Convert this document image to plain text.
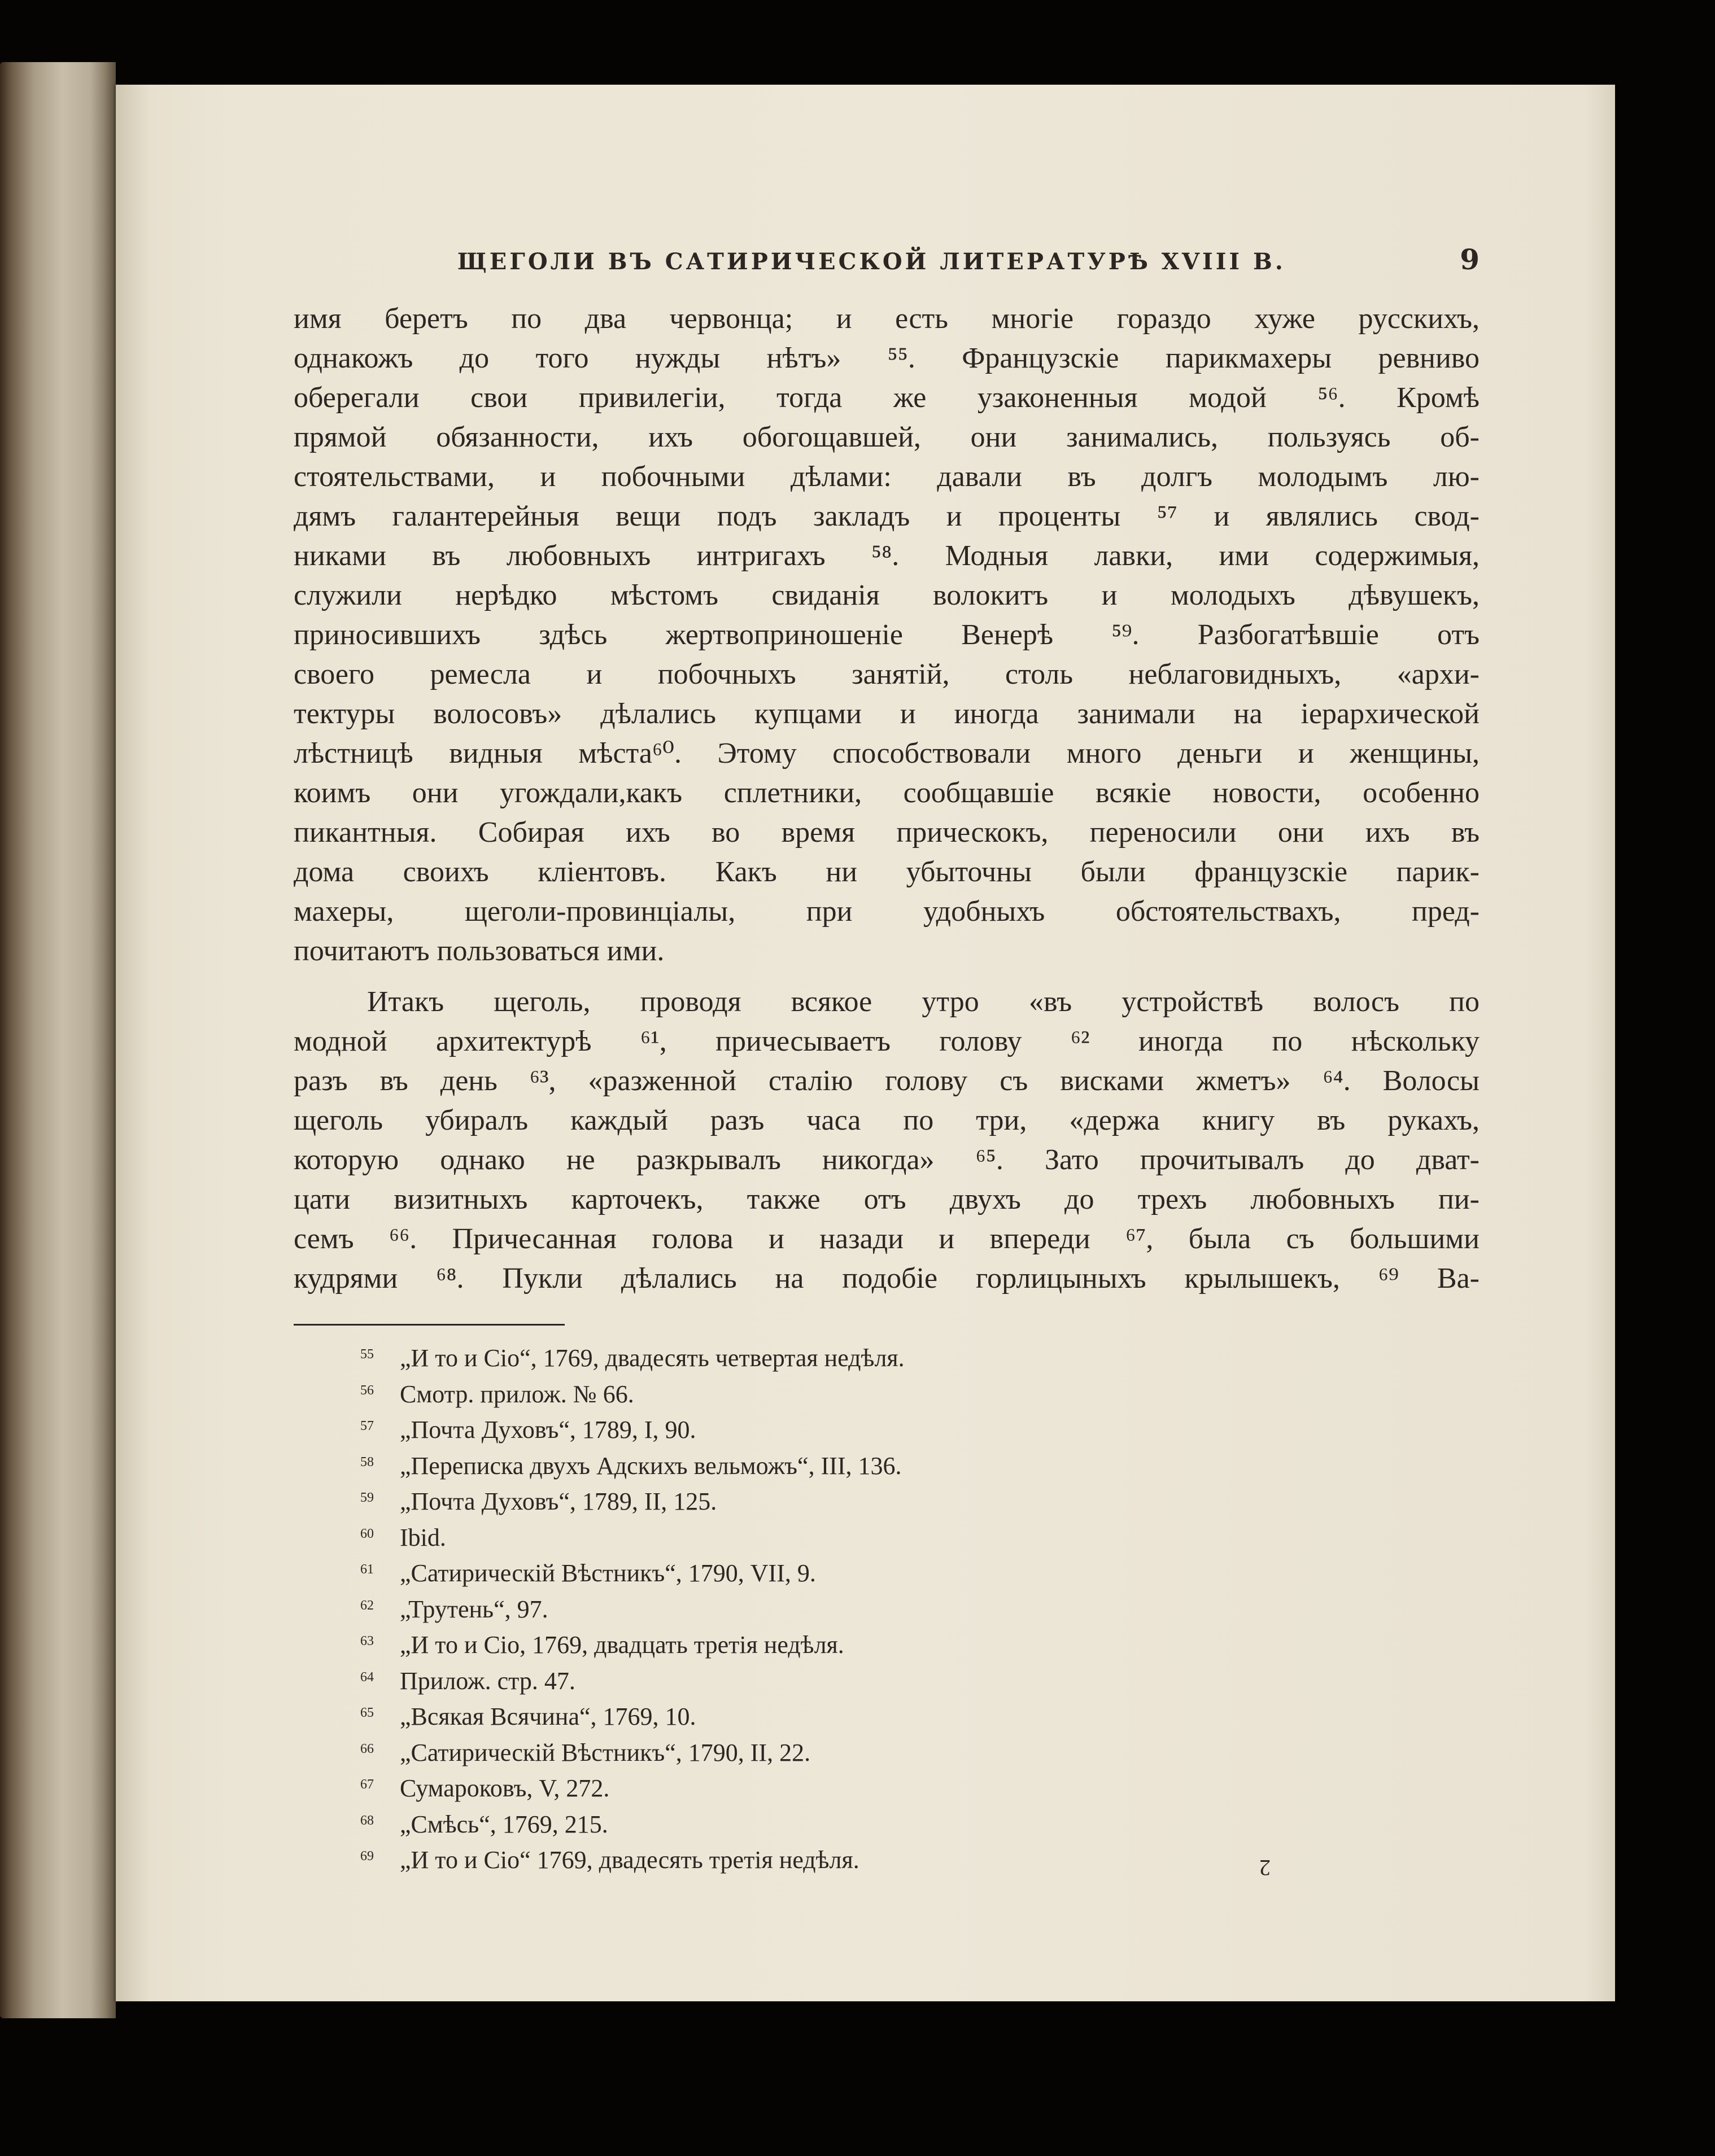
ЩЕГОЛИ ВЪ САТИРИЧЕСКОЙ ЛИТЕРАТУРѢ XVIII В.	9
имя беретъ по два червонца; и есть многіе гораздо хуже русскихъ,
однакожъ до того нужды нѣтъ» ⁵⁵. Французскіе парикмахеры ревниво
оберегали свои привилегіи, тогда же узаконенныя модой ⁵⁶. Кромѣ
прямой обязанности, ихъ обогощавшей, они занимались, пользуясь об-
стоятельствами, и побочными дѣлами: давали въ долгъ молодымъ лю-
дямъ галантерейныя вещи подъ закладъ и проценты ⁵⁷ и являлись свод-
никами въ любовныхъ интригахъ ⁵⁸. Модныя лавки, ими содержимыя,
служили нерѣдко мѣстомъ свиданія волокитъ и молодыхъ дѣвушекъ,
приносившихъ здѣсь жертвоприношеніе Венерѣ ⁵⁹. Разбогатѣвшіе отъ
своего ремесла и побочныхъ занятій, столь неблаговидныхъ, «архи-
тектуры волосовъ» дѣлались купцами и иногда занимали на іерархической
лѣстницѣ видныя мѣста⁶⁰. Этому способствовали много деньги и женщины,
коимъ они угождали,какъ сплетники, сообщавшіе всякіе новости, особенно
пикантныя. Собирая ихъ во время прическокъ, переносили они ихъ въ
дома своихъ кліентовъ. Какъ ни убыточны были французскіе парик-
махеры, щеголи-провинціалы, при удобныхъ обстоятельствахъ, пред-
почитаютъ пользоваться ими.
Итакъ щеголь, проводя всякое утро «въ устройствѣ волосъ по
модной архитектурѣ ⁶¹, причесываетъ голову ⁶² иногда по нѣскольку
разъ въ день ⁶³, «разженной сталію голову съ висками жметъ» ⁶⁴. Волосы
щеголь убиралъ каждый разъ часа по три, «держа книгу въ рукахъ,
которую однако не разкрывалъ никогда» ⁶⁵. Зато прочитывалъ до дват-
цати визитныхъ карточекъ, также отъ двухъ до трехъ любовныхъ пи-
семъ ⁶⁶. Причесанная голова и назади и впереди ⁶⁷, была съ большими
кудрями ⁶⁸. Пукли дѣлались на подобіе горлицыныхъ крылышекъ, ⁶⁹ Ва-
55 „И то и Сіо“, 1769, двадесять четвертая недѣля.
56 Смотр. прилож. № 66.
57 „Почта Духовъ“, 1789, I, 90.
58 „Переписка двухъ Адскихъ вельможъ“, III, 136.
59 „Почта Духовъ“, 1789, II, 125.
60 Ibid.
61 „Сатирическій Вѣстникъ“, 1790, VII, 9.
62 „Трутень“, 97.
63 „И то и Сіо, 1769, двадцать третія недѣля.
64 Прилож. стр. 47.
65 „Всякая Всячина“, 1769, 10.
66 „Сатирическій Вѣстникъ“, 1790, II, 22.
67 Сумароковъ, V, 272.
68 „Смѣсь“, 1769, 215.
69 „И то и Сіо“ 1769, двадесять третія недѣля.	2
